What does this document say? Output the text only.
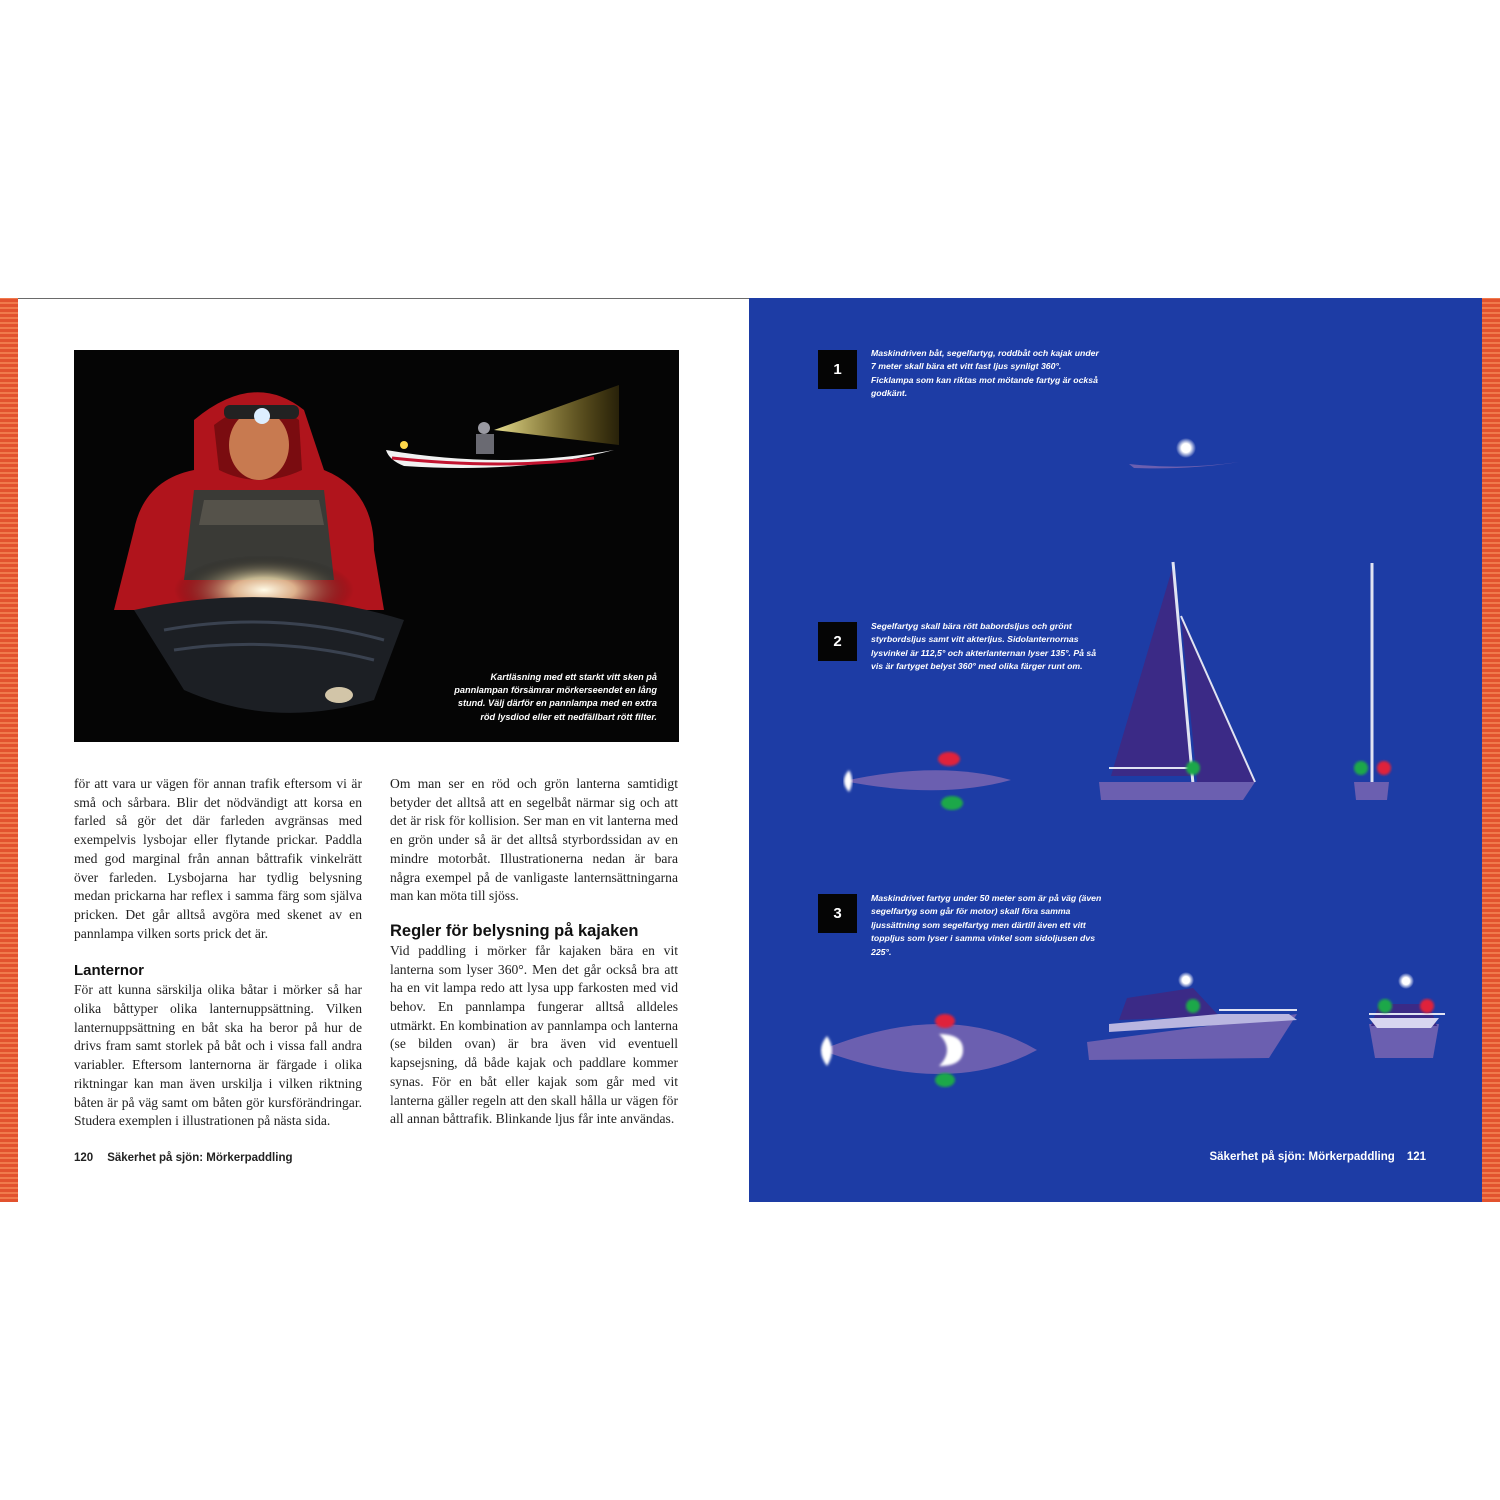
Kartläsning med ett starkt vitt sken på pannlampan försämrar mörkerseendet en lång stund. Välj därför en pannlampa med en extra röd lysdiod eller ett nedfällbart rött filter.

för att vara ur vägen för annan trafik eftersom vi är små och sårbara. Blir det nödvändigt att korsa en farled så gör det där farleden avgränsas med exempelvis lysbojar eller flytande prickar. Paddla med god marginal från annan båttrafik vinkelrätt över farleden. Lysbojarna har tydlig belysning medan prickarna har reflex i samma färg som själva pricken. Det går alltså avgöra med skenet av en pannlampa vilken sorts prick det är.

Lanternor

För att kunna särskilja olika båtar i mörker så har olika båttyper olika lanternuppsättning. Vilken lanternuppsättning en båt ska ha beror på hur de drivs fram samt storlek på båt och i vissa fall andra variabler. Eftersom lanternorna är färgade i olika riktningar kan man även urskilja i vilken riktning båten är på väg samt om båten gör kursförändringar. Studera exemplen i illustrationen på nästa sida.

Om man ser en röd och grön lanterna samtidigt betyder det alltså att en segelbåt närmar sig och att det är risk för kollision. Ser man en vit lanterna med en grön under så är det alltså styrbordssidan av en mindre motorbåt. Illustrationerna nedan är bara några exempel på de vanligaste lanternsättningarna man kan möta till sjöss.

Regler för belysning på kajaken

Vid paddling i mörker får kajaken bära en vit lanterna som lyser 360°. Men det går också bra att ha en vit lampa redo att lysa upp farkosten med vid behov. En pannlampa fungerar alltså alldeles utmärkt. En kombination av pannlampa och lanterna (se bilden ovan) är bra även vid eventuell kapsejsning, då både kajak och paddlare kommer synas. För en båt eller kajak som går med vit lanterna gäller regeln att den skall hålla ur vägen för all annan båttrafik. Blinkande ljus får inte användas.

120 Säkerhet på sjön: Mörkerpaddling
1
Maskindriven båt, segelfartyg, roddbåt och kajak under 7 meter skall bära ett vitt fast ljus synligt 360°. Ficklampa som kan riktas mot mötande fartyg är också godkänt.
2
Segelfartyg skall bära rött babordsljus och grönt styrbordsljus samt vitt akterljus. Sidolanternornas lysvinkel är 112,5° och akterlanternan lyser 135°. På så vis är fartyget belyst 360° med olika färger runt om.
3
Maskindrivet fartyg under 50 meter som är på väg (även segelfartyg som går för motor) skall föra samma ljussättning som segelfartyg men därtill även ett vitt toppljus som lyser i samma vinkel som sidoljusen dvs 225°.
Säkerhet på sjön: Mörkerpaddling 121
